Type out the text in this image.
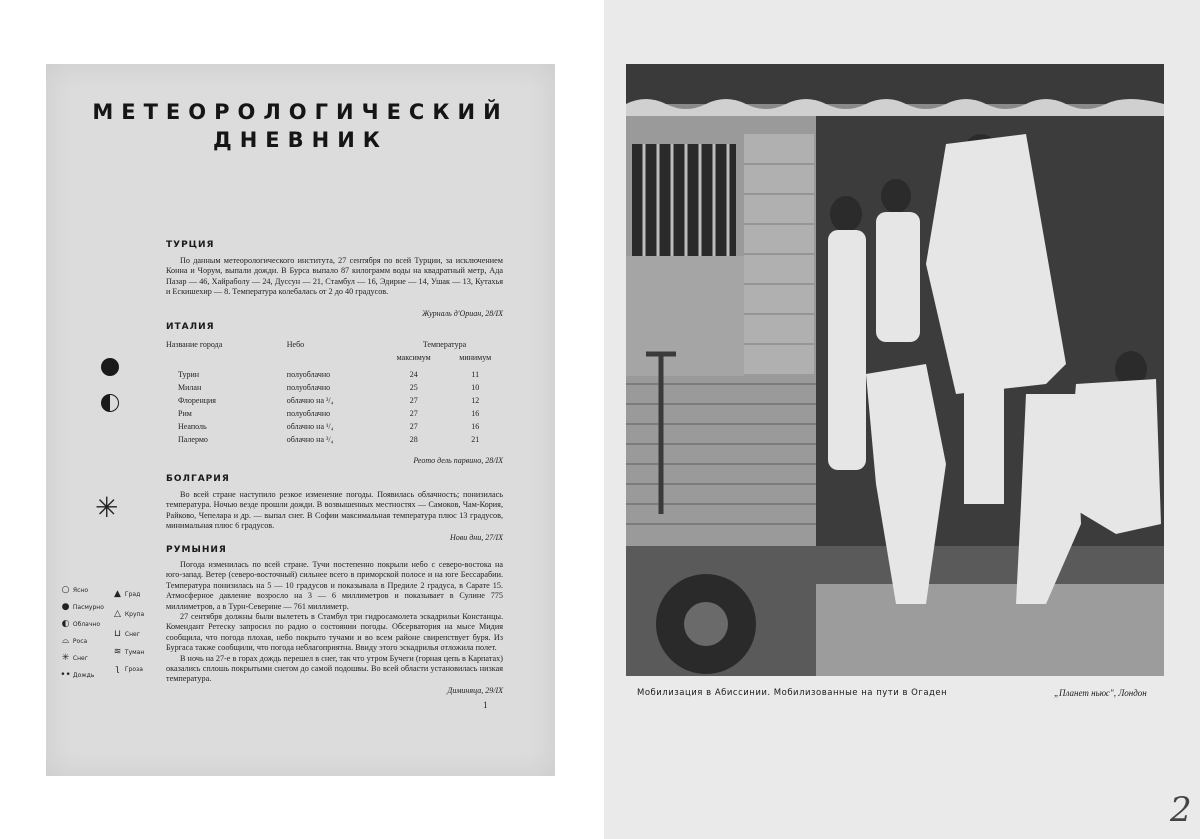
МЕТЕОРОЛОГИЧЕСКИЙ
ДНЕВНИК
ТУРЦИЯ

По данным метеорологического института, 27 сентября по всей Турции, за исключением Конна и Чорум, выпали дожди. В Бурса выпало 87 килограмм воды на квадратный метр, Ада Пазар — 46, Хайраболу — 24, Дуссун — 21, Стамбул — 16, Эдирне — 14, Ушак — 13, Кутахья и Ескишехир — 8. Температура колебалась от 2 до 40 градусов.

Журналь д'Ориан, 28/IX
ИТАЛИЯ
Название города	Небо	Температура	
		максимум	минимум

Турин	полуоблачно	24	11
Милан	полуоблачно	25	10
Флоренция	облачно на ³/₄	27	12
Рим	полуоблачно	27	16
Неаполь	облачно на ¹/₄	27	16
Палермо	облачно на ³/₄	28	21
Реото дель парвино, 28/IX
✳
БОЛГАРИЯ

Во всей стране наступило резкое изменение погоды. Появилась облачность; понизилась температура. Ночью везде прошли дожди. В возвышенных местностях — Самоков, Чам-Кория, Райково, Чепелара и др. — выпал снег. В Софии максимальная температура плюс 13 градусов, минимальная плюс 6 градусов.

Нови дни, 27/IX
РУМЫНИЯ

Погода изменилась по всей стране. Тучи постепенно покрыли небо с северо-востока на юго-запад. Ветер (северо-восточный) сильнее всего в приморской полосе и на юге Бессарабии. Температура понизилась на 5 — 10 градусов и показывала в Предиле 2 градуса, в Сарате 15. Атмосферное давление возросло на 3 — 6 миллиметров и показывает в Сулине 775 миллиметров, а в Турн-Северине — 761 миллиметр.

27 сентября должны были вылететь в Стамбул три гидросамолета эскадрильи Констанцы. Комендант Ретеску запросил по радио о состоянии погоды. Обсерватория на мысе Мидия сообщила, что погода плохая, небо покрыто тучами и во всем районе свирепствует буря. Из Бургаса также сообщили, что погода неблагоприятна. Ввиду этого эскадрилья отложила полет.

В ночь на 27-е в горах дождь перешел в снег, так что утром Бучеги (горная цепь в Карпатах) оказались сплошь покрытыми снегом до самой подошвы. Во всей области установилась низкая температура.

Диминяца, 29/IX
○ Ясно
● Пасмурно
◐ Облачно
⌓ Роса
✳ Снег
•• Дождь
▲ Град
△ Крупа
⊔ Снег
≋ Туман
ʅ Гроза
1
Мобилизация в Абиссинии. Мобилизованные на пути в Огаден	„Планет ньюс", Лондон
2
